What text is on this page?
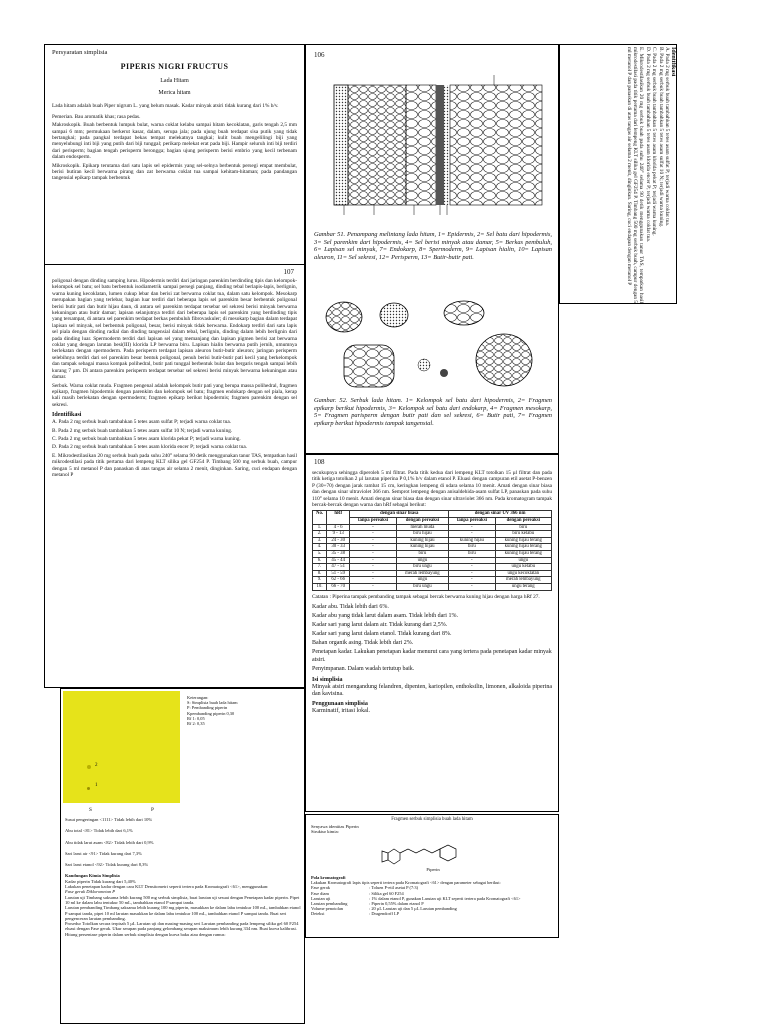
Persyaratan simplisia
PIPERIS NIGRI FRUCTUS
Lada Hitam
Merica hitam

Lada hitam adalah buah Piper nigrum L. yang belum masak. Kadar minyak atsiri tidak kurang dari 1% b/v.

Pemerian. Bau aromatik khas; rasa pedas.

Makroskopik. Buah berbentuk lumpuk bulat, warna coklat kelabu sampai hitam kecoklatan, garis tengah 2,5 mm sampai 6 mm; permukaan berkerut kasar, dalam, serupa jala; pada ujung buah terdapat sisa putik yang tidak bertangkai; pada pangkal terdapat bekas tempat melekatnya tangkai; kulit buah mengelilingi biji yang menyelubungi inti biji yang putih dari biji tunggal; perikarp melekat erat pada biji. Hampir seluruh inti biji terdiri dari perisperm; bagian tengah perisperm berongga; bagian ujung perisperm berisi embrio yang kecil terbenam dalam endosperm.

Mikroskopik. Epikarp terutama dari satu lapis sel epidermis yang sel-selnya berbentuk persegi empat membulat, berisi butiran kecil berwarna pirang dan zat berwarna coklat tua sampai kehitam-hitaman; pada pandangan tangensial epikarp tampak berbentuk

107

poligonal dengan dinding samping lurus. Hipodermis terdiri dari jaringan parenkim berdinding tipis dan kelompok-kelompok sel batu; sel batu berbentuk isodiametrik sampai persegi panjang, dinding tebal berlapis-lapis, berlignin, warna kuning kecoklatan, lumen cukup lebar dan berisi zat berwarna coklat tua, dalam satu kelompok. Mesokarp merupakan bagian yang terlebar, bagian luar terdiri dari beberapa lapis sel parenkim besar berbentuk poligonal berisi butir pati dan butir hijau daun, di antara sel parenkim terdapat tersebar sel sekresi berisi minyak berwarna kekuningan atau butir damar; lapisan selanjutnya terdiri dari beberapa lapis sel parenkim yang berdinding tipis yang tersampat, di antara sel parenkim terdapat berkas pembuluh fibrovaskuler; di mesokarp bagian dalam terdapat lapisan sel minyak, sel berbentuk poligonal, besar, berisi minyak tidak berwarna. Endokarp terdiri dari satu lapis sel piala dengan dinding radial dan dinding tangensial dalam tebal, berlignin, dinding dalam lebih berlignin dari pada dinding luar. Spermoderm terdiri dari lapisan sel yang memanjang dan lapisan pigmen berisi zat berwarna coklat yang dengan larutan besi(III) klorida LP berwarna biru. Lapisan hialin berwarna putih jernih, umumnya berlekatan dengan spermoderm. Pada perisperm terdapat lapisan aleuron butir-butir aleuron; jaringan perisperm selebihnya terdiri dari sel parenkim besar bentuk poligonal, penuh berisi butir-butir pati kecil yang berkelompok dan tampak sebagai massa kompak polihedral, butir pati tunggal berbentuk bulat dan bergaris tengah sampai lebih kurang 7 µm. Di antara parenkim perisperm terdapat tersebar sel sekresi berisi minyak berwarna kekuningan atau damar.

Serbuk. Warna coklat muda. Fragmen pengenal adalah kelompok butir pati yang berupa massa polihedral, fragmen epikarp, fragmen hipodermis dengan parenkim dan kelompok sel batu; fragmen endokarp dengan sel piala, kerap kali masih berlekatan dengan spermoderm; fragmen epikarp berikut hipodermis; fragmen parenkim dengan sel sekresi.

Identifikasi

A. Pada 2 mg serbuk buah tambahkan 5 tetes asam sulfat P; terjadi warna coklat tua.

B. Pada 2 mg serbuk buah tambahkan 5 tetes asam sulfat 10 N; terjadi warna kuning.

C. Pada 2 mg serbuk buah tambahkan 5 tetes asam klorida pekat P; terjadi warna kuning.

D. Pada 2 mg serbuk buah tambahkan 5 tetes asam klorida encer P; terjadi warna coklat tua.

E. Mikrodestilasikan 20 mg serbuk buah pada suhu 240° selama 90 detik menggunakan tanur TAS, tempatkan hasil mikrodestilasi pada titik pertama dari lempeng KLT silika gel GF254 P. Timbang 500 mg serbuk buah, campur dengan 5 ml metanol P dan panaskan di atas tangas air selama 2 menit, dinginkan. Saring, cuci endapan dengan metanol P

106
Gambar 51. Penampang melintang lada hitam, 1= Epidermis, 2= Sel batu dari hipodermis, 3= Sel parenkim dari hipodermis, 4= Sel berisi minyak atau damar, 5= Berkas pembuluh, 6= Lapisan sel minyak, 7= Endokarp, 8= Spermoderm, 9= Lapisan hialin, 10= Lapisan aleuron, 11= Sel sekresi, 12= Perisperm, 13= Butir-butir pati.
Gambar. 52. Serbuk lada hitam. 1= Kelompok sel batu dari hipodermis, 2= Fragmen epikarp berikut hipodermis, 3= Kelompok sel batu dari endokarp, 4= Fragmen mesokarp, 5= Fragmen parisperm dengan butir pati dan sel sekresi, 6= Butir pati, 7= Fragmen epikarp berikut hipodermis tampak tangensial.
Identifikasi
A. Pada 2 mg serbuk buah tambahkan 5 tetes asam sulfat P; terjadi warna coklat tua.
B. Pada 2 mg serbuk buah tambahkan 5 tetes asam sulfat 10 N; terjadi warna kuning.
C. Pada 2 mg serbuk buah tambahkan 5 tetes asam klorida pekat P; terjadi warna kuning.
D. Pada 2 mg serbuk buah tambahkan 5 tetes asam klorida encer P; terjadi warna coklat tua.
E. Mikrodestilasikan 20 mg serbuk buah pada suhu 240° selama 90 detik menggunakan tanur TAS, tempatkan hasil mikrodestilasi pada titik pertama dari lempeng KLT silika gel GF254 P. Timbang 500 mg serbuk buah, campur dengan 5 ml metanol P dan panaskan di atas tangas air selama 2 menit, dinginkan. Saring, cuci endapan dengan metanol P
108

secukupnya sehingga diperoleh 5 ml filtrat. Pada titik kedua dari lempeng KLT totolkan 15 µl filtrat dan pada titik ketiga totolkan 2 µl larutan piperina P 0,1% b/v dalam etanol P. Eluasi dengan campuran etil asetat P-benzen P (30+70) dengan jarak rambat 15 cm, keringkan lempeng di udara selama 10 menit. Amati dengan sinar biasa dan dengan sinar ultraviolet 366 nm. Semprot lempeng dengan anisaldehida-asam sulfat LP, panaskan pada suhu 110° selama 10 menit. Amati dengan sinar biasa dan dengan sinar ultraviolet 366 nm. Pada kromatogram tampak bercak-bercak dengan warna dan hRf sebagai berikut:

No.	hRf	dengan sinar biasa		dengan sinar UV 366 nm	
		tanpa pereaksi	dengan pereaksi	tanpa pereaksi	dengan pereaksi
1.	4 - 6	-	merah muda	-	biru
2.	9 - 13	-	biru hijau	-	biru kelabu
3.	24 - 30	-	kuning hijau	kuning hijau	kuning hijau terang
4.	30 - 33	-	kuning hijau	biru	kuning hijau terang
5.	35 - 38	-	biru	biru	kuning hijau terang
6.	45 - 44	-	ungu	-	ungu
7.	47 - 51	-	biru ungu	-	ungu kelabu
8.	51 - 59	-	merah lembayung	-	ungu kecoklatan
9.	62 - 66	-	ungu	-	merah lembayung
10.	66 - 70	-	biru ungu	-	ungu terang

Catatan : Piperina tampak pembanding tampak sebagai bercak berwarna kuning hijau dengan harga hRf 27.

Kadar abu. Tidak lebih dari 6%.

Kadar abu yang tidak larut dalam asam. Tidak lebih dari 1%.

Kadar sari yang larut dalam air. Tidak kurang dari 2,5%.

Kadar sari yang larut dalam etanol. Tidak kurang dari 8%.

Bahan organik asing. Tidak lebih dari 2%.

Penetapan kadar. Lakukan penetapan kadar menurut cara yang tertera pada penetapan kadar minyak atsiri.

Penyimpanan. Dalam wadah tertutup baik.

Isi simplisia

Minyak atsiri mengandung felandren, dipenten, kariopilen, enthoksilin, limonen, alkaloida piperina dan kavisina.

Penggunaan simplisia

Karminatif, iritasi lokal.

2
1
S	P
Keterangan:
S: Simplisia buah lada hitam
P: Pembanding piperin
Kpembanding piperin 0,30
Rf 1: 0,05
Rf 2: 0,35
Susut pengeringan <1111> Tidak lebih dari 10%
Abu total <81> Tidak lebih dari 6,1%
Abu tidak larut asam <82> Tidak lebih dari 0,9%
Sari larut air <91> Tidak kurang dari 7,3%
Sari larut etanol <92> Tidak kurang dari 8,3%
Kandungan Kimia Simplisia
Kadar piperin Tidak kurang dari 5,40%
Lakukan penetapan kadar dengan cara KLT Densitometri seperti tertera pada Kromatografi <61>, menggunakan:
Fase gerak Diklorometan P
Larutan uji Timbang saksama lebih kurang 500 mg serbuk simplisia, buat larutan uji sesuai dengan Penetapan kadar piperin. Pipet 10 ml ke dalam labu tentukur 50 mL, tambahkan etanol P sampai tanda.
Larutan pembanding Timbang saksama lebih kurang 100 mg piperin, masukkan ke dalam labu tentukur 100 mL, tambahkan etanol P sampai tanda, pipet 10 ml larutan masukkan ke dalam labu tentukur 100 mL, tambahkan etanol P sampai tanda. Buat seri pengenceran larutan pembanding.
Prosedur Totolkan secara terpisah 5 µL Larutan uji dan masing-masing seri Larutan pembanding pada lempeng silika gel 60 F254 eluasi dengan Fase gerak. Ukur serapan pada panjang gelombang serapan maksimum lebih kurang 334 nm. Buat kurva kalibrasi.
Hitung persentase piperin dalam serbuk simplisia dengan kurva baku atau dengan rumus:
Fragmen serbuk simplisia buah lada hitam
Senyawa identitas Piperin
Struktur kimia:
Piperin
Pola kromatografi
Lakukan Kromatografi lapis tipis seperti tertera pada Kromatografi <61> dengan parameter sebagai berikut:
Fase gerak	: Toluen P-etil asetat P (7:3)
Fase diam	: Silika gel 60 F254
Larutan uji	: 1% dalam etanol P, gunakan Larutan uji KLT seperti tertera pada Kromatografi <61>
Larutan pembanding	: Piperin 0,55% dalam etanol P
Volume penotolan	: 20 µL Larutan uji dan 5 µL Larutan pembanding
Deteksi	: Dragendorff LP
